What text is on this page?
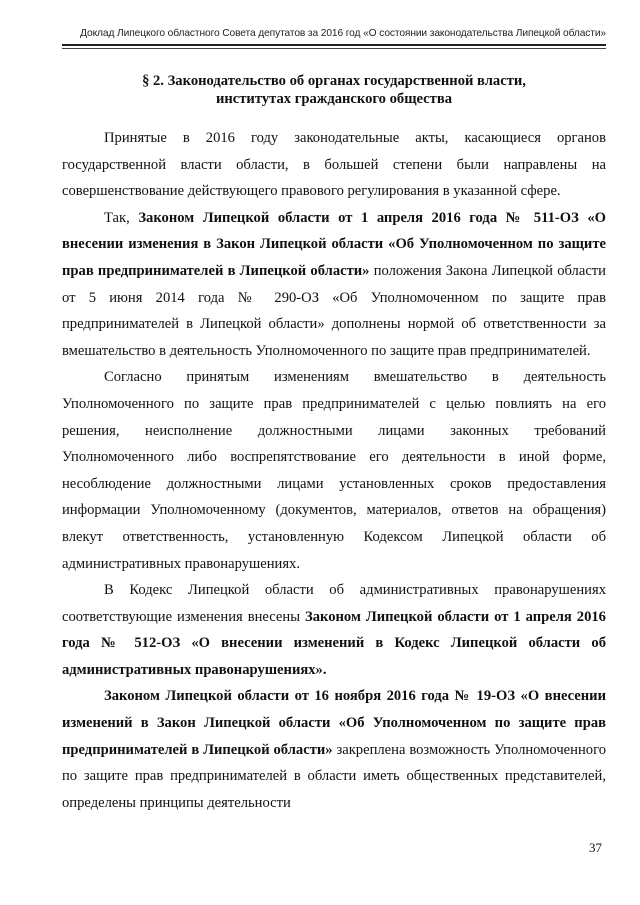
Доклад Липецкого областного Совета депутатов за 2016 год «О состоянии законодательства Липецкой области»
§ 2. Законодательство об органах государственной власти,
институтах гражданского общества

Принятые в 2016 году законодательные акты, касающиеся органов государственной власти области, в большей степени были направлены на совершенствование действующего правового регулирования в указанной сфере.

Так, Законом Липецкой области от 1 апреля 2016 года № 511-ОЗ «О внесении изменения в Закон Липецкой области «Об Уполномоченном по защите прав предпринимателей в Липецкой области» положения Закона Липецкой области от 5 июня 2014 года № 290-ОЗ «Об Уполномоченном по защите прав предпринимателей в Липецкой области» дополнены нормой об ответственности за вмешательство в деятельность Уполномоченного по защите прав предпринимателей.

Согласно принятым изменениям вмешательство в деятельность Уполномоченного по защите прав предпринимателей с целью повлиять на его решения, неисполнение должностными лицами законных требований Уполномоченного либо воспрепятствование его деятельности в иной форме, несоблюдение должностными лицами установленных сроков предоставления информации Уполномоченному (документов, материалов, ответов на обращения) влекут ответственность, установленную Кодексом Липецкой области об административных правонарушениях.

В Кодекс Липецкой области об административных правонарушениях соответствующие изменения внесены Законом Липецкой области от 1 апреля 2016 года № 512-ОЗ «О внесении изменений в Кодекс Липецкой области об административных правонарушениях».

Законом Липецкой области от 16 ноября 2016 года № 19-ОЗ «О внесении изменений в Закон Липецкой области «Об Уполномоченном по защите прав предпринимателей в Липецкой области» закреплена возможность Уполномоченного по защите прав предпринимателей в области иметь общественных представителей, определены принципы деятельности

37
